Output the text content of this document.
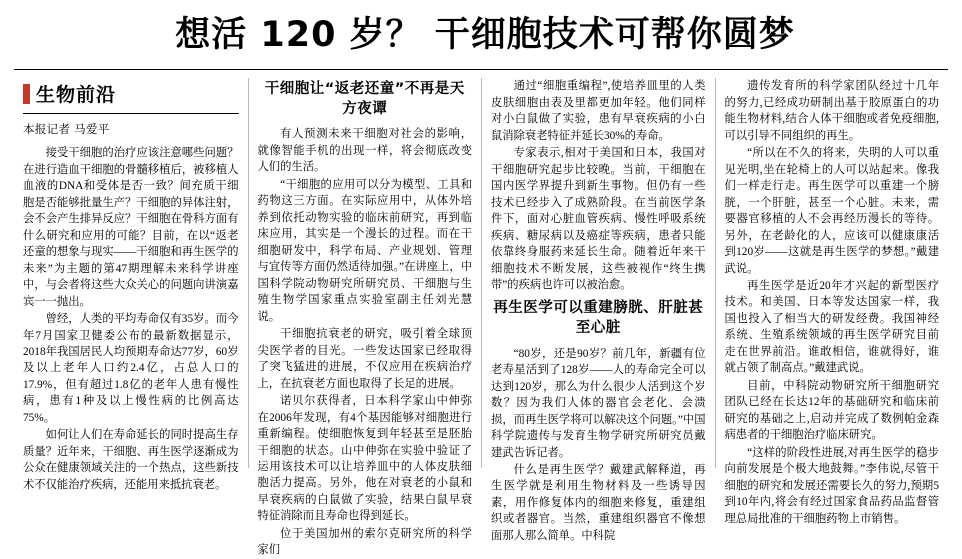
想活 120 岁？ 干细胞技术可帮你圆梦
生物前沿
本报记者 马爱平

接受干细胞的治疗应该注意哪些问题？在进行造血干细胞的骨髓移植后，被移植人血液的DNA和受体是否一致？间充质干细胞是否能够批量生产？干细胞的异体注射，会不会产生排异反应？干细胞在骨科方面有什么研究和应用的可能？目前，在以“返老还童的想象与现实——干细胞和再生医学的未来”为主题的第47期理解未来科学讲座中，与会者将这些大众关心的问题向讲演嘉宾一一抛出。

曾经，人类的平均寿命仅有35岁。而今年7月国家卫健委公布的最新数据显示，2018年我国居民人均预期寿命达77岁，60岁及以上老年人口约2.4亿，占总人口的17.9%，但有超过1.8亿的老年人患有慢性病，患有1种及以上慢性病的比例高达75%。

如何让人们在寿命延长的同时提高生存质量？近年来，干细胞、再生医学逐渐成为公众在健康领域关注的一个热点，这些新技术不仅能治疗疾病，还能用来抵抗衰老。

干细胞让“返老还童”不再是天方夜谭

有人预测未来干细胞对社会的影响，就像智能手机的出现一样，将会彻底改变人们的生活。

“干细胞的应用可以分为模型、工具和药物这三方面。在实际应用中，从体外培养到依托动物实验的临床前研究，再到临床应用，其实是一个漫长的过程。而在干细胞研发中，科学布局、产业规划、管理与宜传等方面仍然适待加强。”在讲座上，中国科学院动物研究所研究员、干细胞与生殖生物学国家重点实验室副主任刘光慧说。

干细胞抗衰老的研究，吸引着全球顶尖医学者的目光。一些发达国家已经取得了突飞猛进的进展，不仅应用在疾病治疗上，在抗衰老方面也取得了长足的进展。

诺贝尔获得者，日本科学家山中伸弥在2006年发现，有4个基因能够对细胞进行重新编程。使细胞恢复到年轻甚至是胚胎干细胞的状态。山中伸弥在实验中验证了运用该技术可以让培养皿中的人体皮肤细胞活力提高。另外，他在对衰老的小鼠和早衰疾病的白鼠做了实验，结果白鼠早衰特征消除而且寿命也得到延长。

位于美国加州的索尔克研究所的科学家们

通过“细胞重编程”,使培养皿里的人类皮肤细胞由表及里都更加年轻。他们同样对小白鼠做了实验，患有早衰疾病的小白鼠消除衰老特征并延长30%的寿命。

专家表示,相对于美国和日本，我国对干细胞研究起步比较晚。当前，干细胞在国内医学界提升到新生事物。但仍有一些技术已经步入了成熟阶段。在当前医学条件下，面对心脏血管疾病、慢性呼吸系统疾病、糖尿病以及癌症等疾病，患者只能依靠终身服药来延长生命。随着近年来干细胞技术不断发展，这些被视作“终生携带”的疾病也许可以被治愈。

再生医学可以重建膀胱、肝脏甚至心脏

“80岁，还是90岁？前几年，新疆有位老寿星活到了128岁——人的寿命完全可以达到120岁，那么为什么很少人活到这个岁数？因为我们人体的器官会老化、会溃损，而再生医学将可以解决这个问题。”中国科学院遗传与发育生物学研究所研究员戴建武告诉记者。

什么是再生医学？戴建武解释道，再生医学就是利用生物材料及一些诱导因素，用作修复体内的细胞来修复，重建组织或者器官。当然，重建组织器官不像想面那人那么简单。中科院

遗传发育所的科学家团队经过十几年的努力,已经成功研制出基于胶原蛋白的功能生物材料,结合人体干细胞或者免疫细胞,可以引导不同组织的再生。

“所以在不久的将来，失明的人可以重见光明,坐在轮椅上的人可以站起来。像我们一样走行走。再生医学可以重建一个膀胱，一个肝脏，甚至一个心脏。未来，需要器官移植的人不会再经历漫长的等待。另外，在老龄化的人，应该可以健康康活到120岁——这就是再生医学的梦想。”戴建武说。

再生医学是近20年才兴起的新型医疗技术。和美国、日本等发达国家一样，我国也投入了相当大的研发经费。我国神经系统、生殖系统领域的再生医学研究目前走在世界前沿。谁敢相信，谁就得好，谁就占领了制高点。”戴建武说。

目前，中科院动物研究所干细胞研究团队已经在长达12年的基础研究和临床前研究的基础之上,启动并完成了数例帕金森病患者的干细胞治疗临床研究。

“这样的阶段性进展,对再生医学的稳步向前发展是个极大地鼓舞。”李伟说,尽管干细胞的研究和发展还需要长久的努力,预期5到10年内,将会有经过国家食品药品监督管理总局批准的干细胞药物上市销售。
